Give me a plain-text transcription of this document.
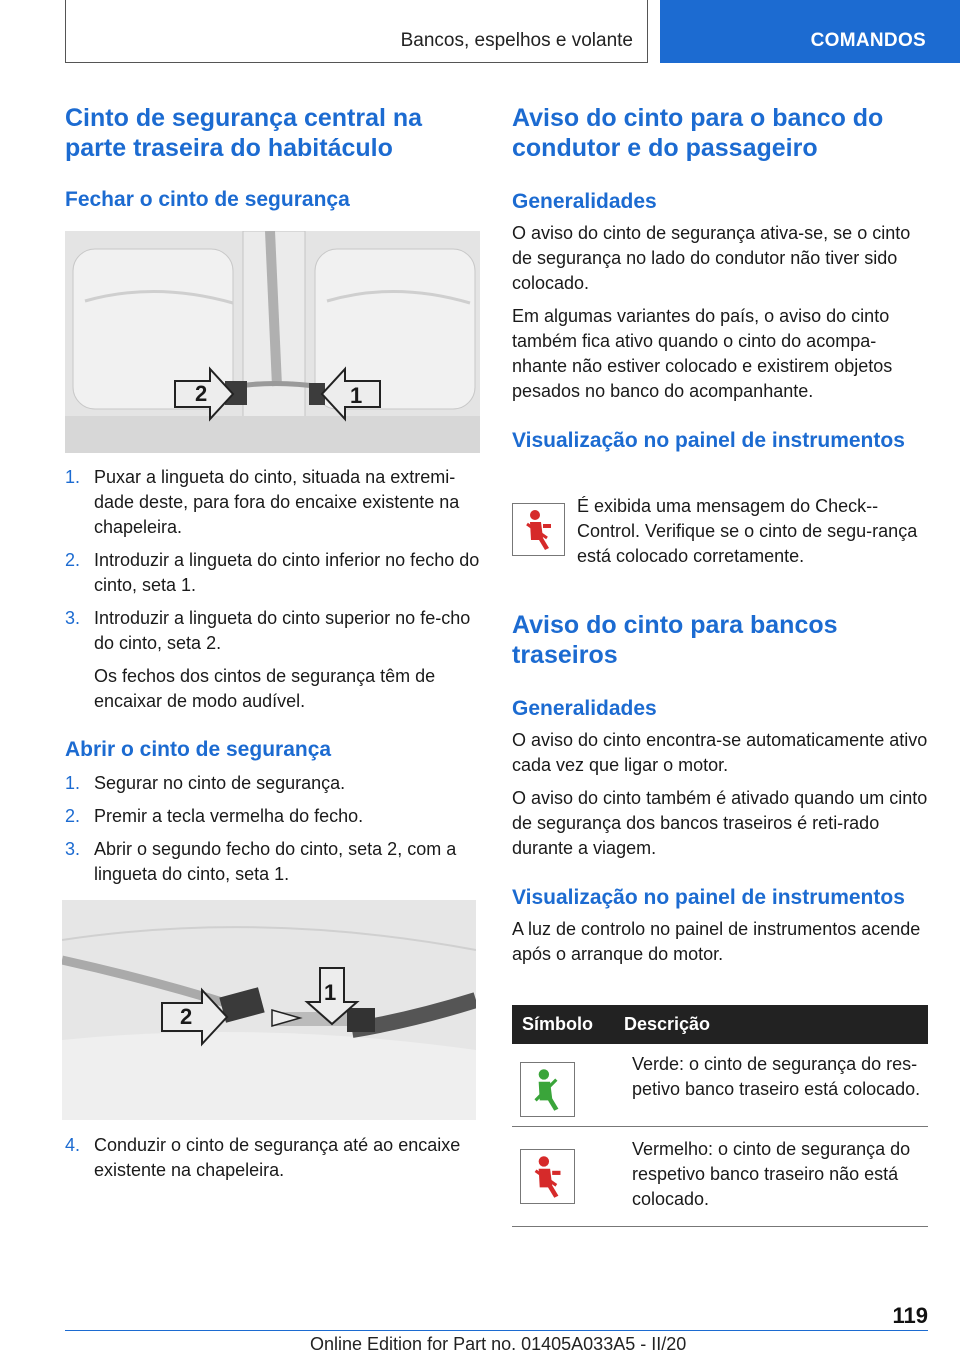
Bancos, espelhos e volante	COMANDOS
Cinto de segurança central na parte traseira do habitáculo
Fechar o cinto de segurança
2	1
1. Puxar a lingueta do cinto, situada na extremi-dade deste, para fora do encaixe existente na chapeleira.
2. Introduzir a lingueta do cinto inferior no fecho do cinto, seta 1.
3. Introduzir a lingueta do cinto superior no fe-cho do cinto, seta 2.
Os fechos dos cintos de segurança têm de encaixar de modo audível.
Abrir o cinto de segurança
1. Segurar no cinto de segurança.
2. Premir a tecla vermelha do fecho.
3. Abrir o segundo fecho do cinto, seta 2, com a lingueta do cinto, seta 1.
2
1
4. Conduzir o cinto de segurança até ao encaixe existente na chapeleira.
Aviso do cinto para o banco do condutor e do passageiro
Generalidades

O aviso do cinto de segurança ativa-se, se o cinto de segurança no lado do condutor não tiver sido colocado.

Em algumas variantes do país, o aviso do cinto também fica ativo quando o cinto do acompa-nhante não estiver colocado e existirem objetos pesados no banco do acompanhante.

Visualização no painel de instrumentos

É exibida uma mensagem do Check--Control. Verifique se o cinto de segu-rança está colocado corretamente.

Aviso do cinto para bancos traseiros
Generalidades

O aviso do cinto encontra-se automaticamente ativo cada vez que ligar o motor.

O aviso do cinto também é ativado quando um cinto de segurança dos bancos traseiros é reti-rado durante a viagem.

Visualização no painel de instrumentos

A luz de controlo no painel de instrumentos acende após o arranque do motor.

Símbolo	Descrição

	Verde: o cinto de segurança do res-petivo banco traseiro está colocado.

	Vermelho: o cinto de segurança do respetivo banco traseiro não está colocado.
119
Online Edition for Part no. 01405A033A5 - II/20
